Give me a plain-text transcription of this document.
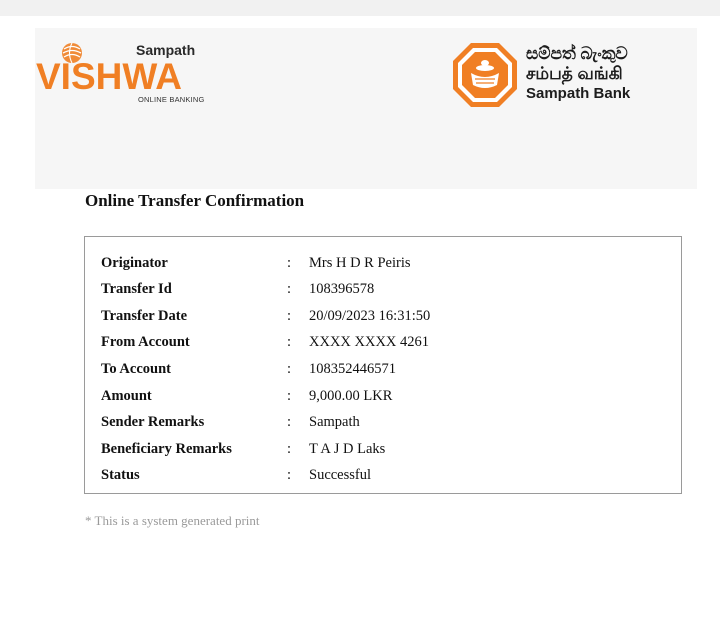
Sampath
VISHWA
ONLINE BANKING
සම්පත් බැංකුව
சம்பத் வங்கி
Sampath Bank
Online Transfer Confirmation
Originator	: Mrs H D R Peiris
Transfer Id	: 108396578
Transfer Date	: 20/09/2023 16:31:50
From Account	: XXXX XXXX 4261
To Account	: 108352446571
Amount	: 9,000.00 LKR
Sender Remarks	: Sampath
Beneficiary Remarks	: T A J D Laks
Status	: Successful
* This is a system generated print
